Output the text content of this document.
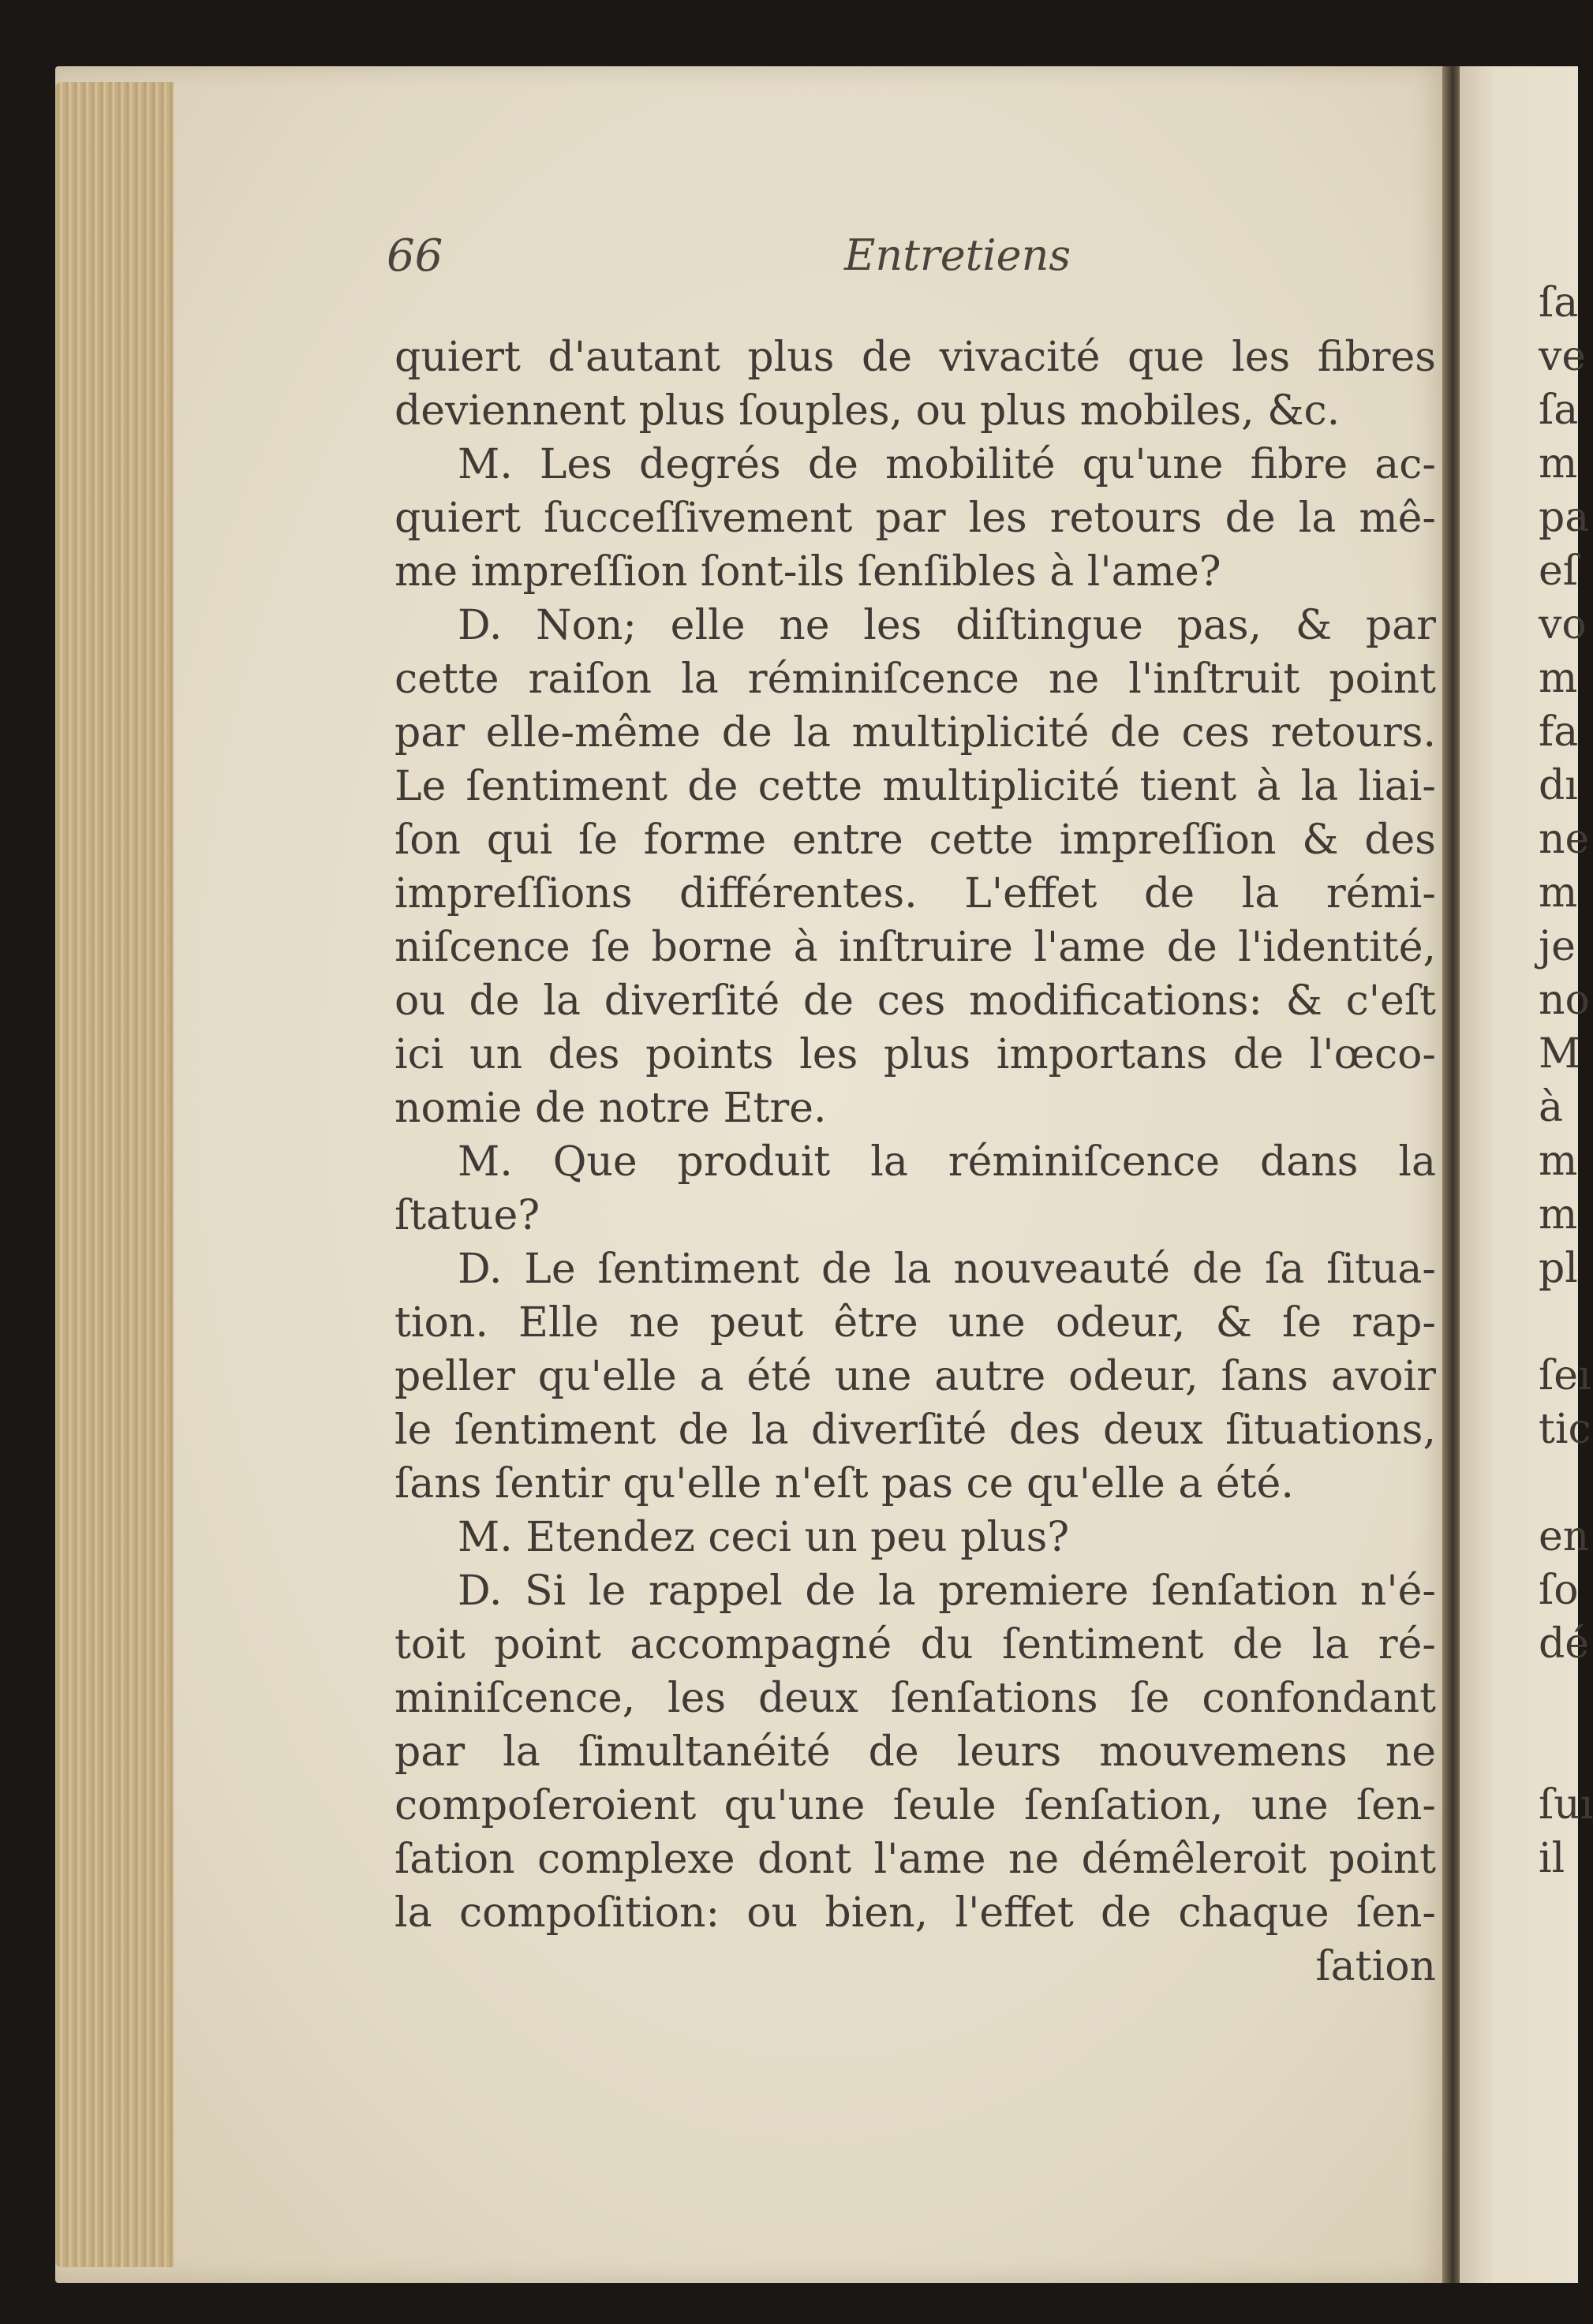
66	Entretiens
quiert d'autant plus de vivacité que les fibres
deviennent plus ſouples, ou plus mobiles, &c.
M. Les degrés de mobilité qu'une fibre ac-
quiert ſucceſſivement par les retours de la mê-
me impreſſion ſont-ils ſenſibles à l'ame?
D. Non; elle ne les diſtingue pas, & par
cette raiſon la réminiſcence ne l'inſtruit point
par elle-même de la multiplicité de ces retours.
Le ſentiment de cette multiplicité tient à la liai-
ſon qui ſe forme entre cette impreſſion & des
impreſſions différentes. L'effet de la rémi-
niſcence ſe borne à inſtruire l'ame de l'identité,
ou de la diverſité de ces modifications: & c'eſt
ici un des points les plus importans de l'œco-
nomie de notre Etre.
M. Que produit la réminiſcence dans la
ſtatue?
D. Le ſentiment de la nouveauté de ſa ſitua-
tion. Elle ne peut être une odeur, & ſe rap-
peller qu'elle a été une autre odeur, ſans avoir
le ſentiment de la diverſité des deux ſituations,
ſans ſentir qu'elle n'eſt pas ce qu'elle a été.
M. Etendez ceci un peu plus?
D. Si le rappel de la premiere ſenſation n'é-
toit point accompagné du ſentiment de la ré-
miniſcence, les deux ſenſations ſe confondant
par la ſimultanéité de leurs mouvemens ne
compoſeroient qu'une ſeule ſenſation, une ſen-
ſation complexe dont l'ame ne démêleroit point
la compoſition: ou bien, l'effet de chaque ſen-
ſation
ſa
ve
ſa
m
pa
eſ
vo
m
fa
dı
ne
m
je
no
M
à
m
m
pl
ſeı
tic
en
ſo
dé
ſuı
il
